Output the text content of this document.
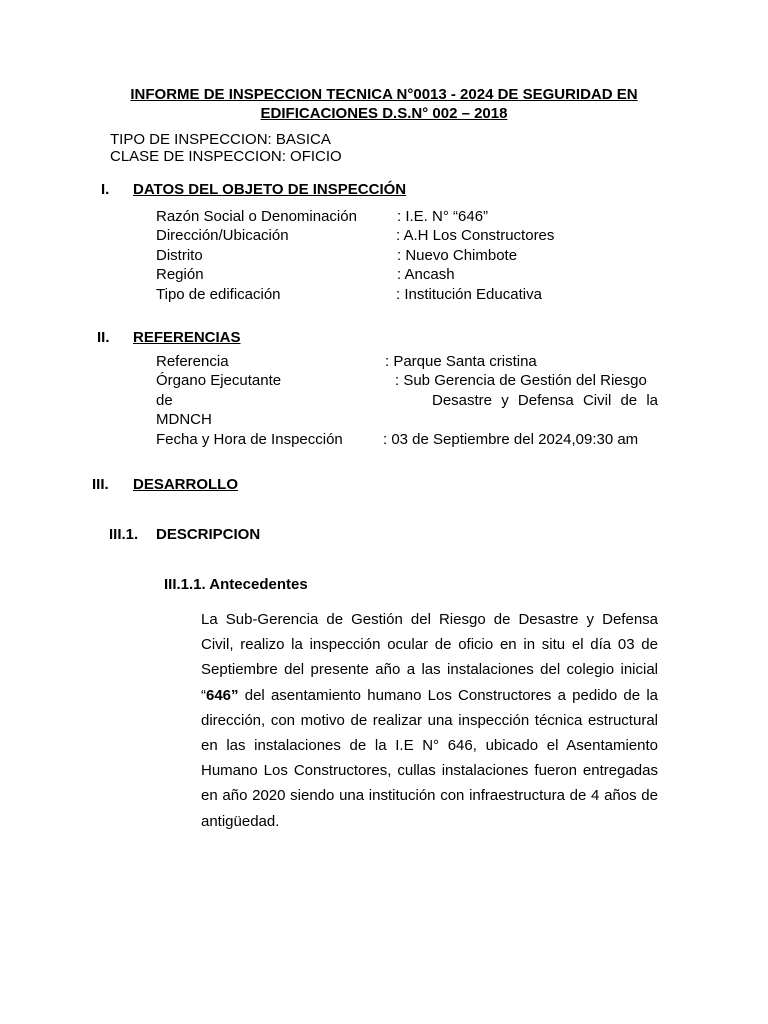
INFORME DE INSPECCION TECNICA N°0013 - 2024 DE SEGURIDAD EN
EDIFICACIONES D.S.N° 002 – 2018
TIPO DE INSPECCION: BASICA
CLASE DE INSPECCION: OFICIO
I. DATOS DEL OBJETO DE INSPECCIÓN
Razón Social o Denominación	: I.E. N° “646”
Dirección/Ubicación	: A.H Los Constructores
Distrito	: Nuevo Chimbote
Región	: Ancash
Tipo de edificación	: Institución Educativa
II. REFERENCIAS
Referencia	: Parque Santa cristina
Órgano Ejecutante	: Sub Gerencia de Gestión del Riesgo
de	Desastre y Defensa Civil de la
MDNCH
Fecha y Hora de Inspección	: 03 de Septiembre del 2024,09:30 am
III. DESARROLLO
III.1. DESCRIPCION
III.1.1. Antecedentes
La Sub-Gerencia de Gestión del Riesgo de Desastre y Defensa Civil, realizo la inspección ocular de oficio en in situ el día 03 de Septiembre del presente año a las instalaciones del colegio inicial “646” del asentamiento humano Los Constructores a pedido de la dirección, con motivo de realizar una inspección técnica estructural en las instalaciones de la I.E N° 646, ubicado el Asentamiento Humano Los Constructores, cullas instalaciones fueron entregadas en año 2020 siendo una institución con infraestructura de 4 años de antigüedad.
